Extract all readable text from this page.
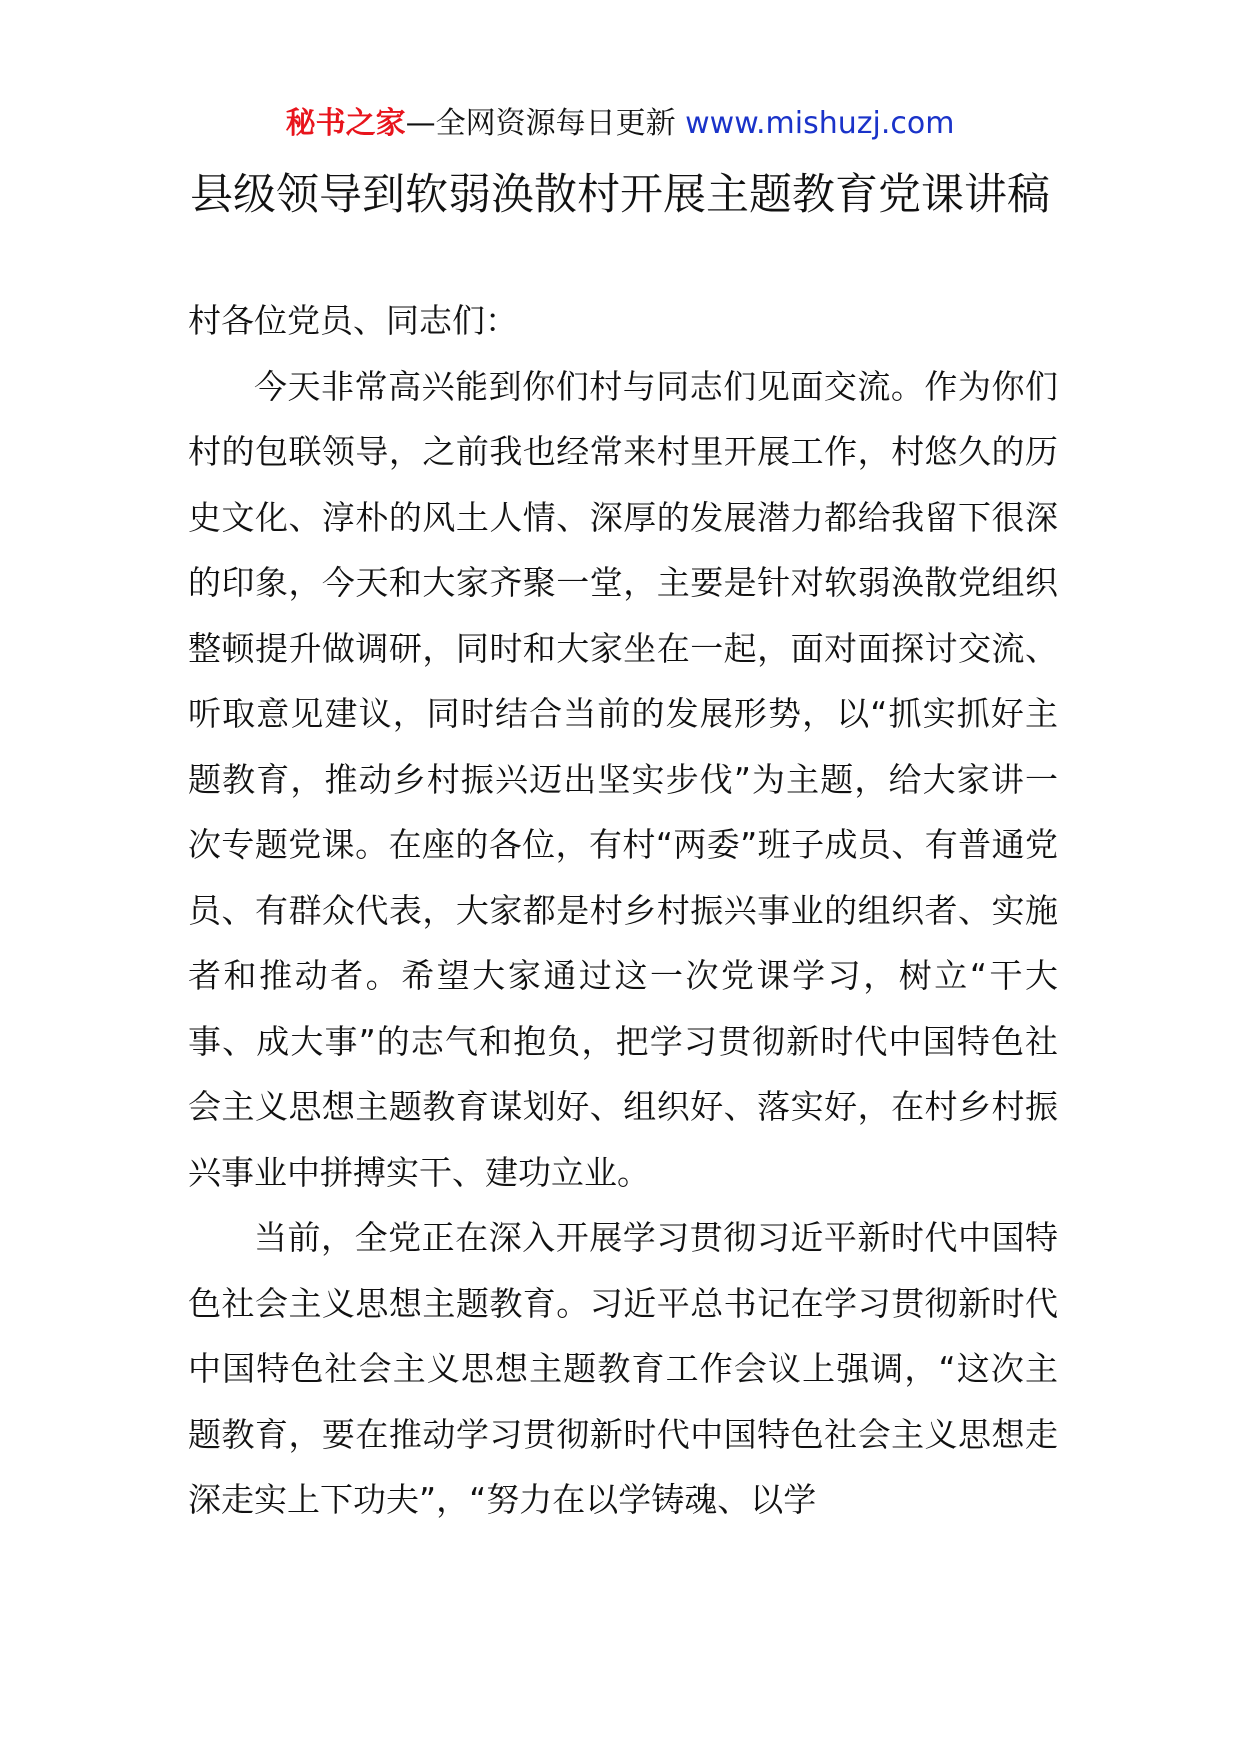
秘书之家—全网资源每日更新 www.mishuzj.com
县级领导到软弱涣散村开展主题教育党课讲稿

村各位党员、同志们：

今天非常高兴能到你们村与同志们见面交流。作为你们村的包联领导，之前我也经常来村里开展工作，村悠久的历史文化、淳朴的风土人情、深厚的发展潜力都给我留下很深的印象，今天和大家齐聚一堂，主要是针对软弱涣散党组织整顿提升做调研，同时和大家坐在一起，面对面探讨交流、听取意见建议，同时结合当前的发展形势，以“抓实抓好主题教育，推动乡村振兴迈出坚实步伐”为主题，给大家讲一次专题党课。在座的各位，有村“两委”班子成员、有普通党员、有群众代表，大家都是村乡村振兴事业的组织者、实施者和推动者。希望大家通过这一次党课学习，树立“干大事、成大事”的志气和抱负，把学习贯彻新时代中国特色社会主义思想主题教育谋划好、组织好、落实好，在村乡村振兴事业中拼搏实干、建功立业。

当前，全党正在深入开展学习贯彻习近平新时代中国特色社会主义思想主题教育。习近平总书记在学习贯彻新时代中国特色社会主义思想主题教育工作会议上强调，“这次主题教育，要在推动学习贯彻新时代中国特色社会主义思想走深走实上下功夫”，“努力在以学铸魂、以学
